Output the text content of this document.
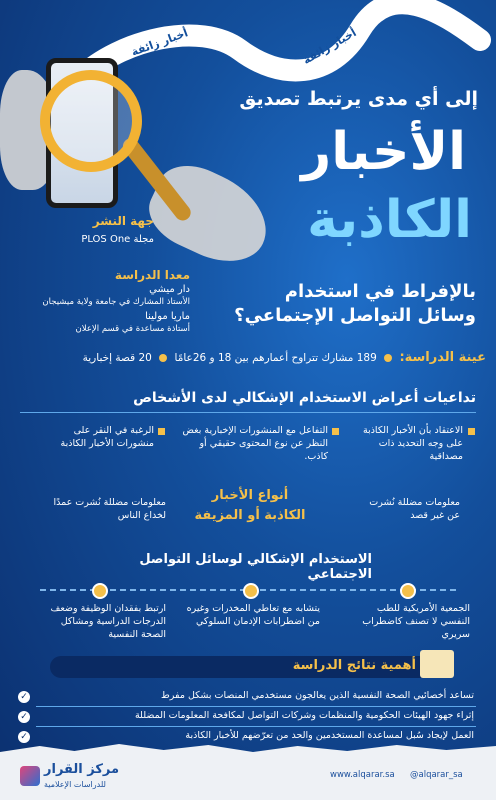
أخبار زائفة	أخبار زائفة
إلى أي مدى يرتبط تصديق
الأخبار
الكاذبة
بالإفراط في استخدام
وسائل التواصل الإجتماعي؟
جهة النشر
مجلة PLOS One
معدا الدراسة
دار ميشي
الأستاذ المشارك في جامعة ولاية ميشيجان
ماريا مولينا
أستاذة مساعدة في قسم الإعلان
عينة الدراسة:  189 مشارك تتراوح أعمارهم بين 18 و 26عامًا  20 قصة إخبارية
تداعيات أعراض الاستخدام الإشكالي لدى الأشخاص
الاعتقاد بأن الأخبار الكاذبة على وجه التحديد ذات مصداقية
التفاعل مع المنشورات الإخبارية بغض النظر عن نوع المحتوى حقيقي أو كاذب.
الرغبة في النقر على منشورات الأخبار الكاذبة
أنواع الأخبار
الكاذبة أو المزيفة
معلومات مضللة نُشرت عن غير قصد
معلومات مضللة نُشرت عمدًا لخداع الناس
الاستخدام الإشكالي لوسائل التواصل الاجتماعي
الجمعية الأمريكية للطب النفسي لا تصنف كاضطراب سريري
يتشابه مع تعاطي المخدرات وغيره من اضطرابات الإدمان السلوكي
ارتبط بفقدان الوظيفة وضعف الدرجات الدراسية ومشاكل الصحة النفسية
أهمية نتائج الدراسة
✓	تساعد أخصائيي الصحة النفسية الذين يعالجون مستخدمي المنصات بشكل مفرط
✓	إثراء جهود الهيئات الحكومية والمنظمات وشركات التواصل لمكافحة المعلومات المضللة
✓	العمل لإيجاد سُبل لمساعدة المستخدمين والحد من تعرّضهم للأخبار الكاذبة
مركز القرار
للدراسات الإعلامية
www.alqarar.sa @alqarar_sa
